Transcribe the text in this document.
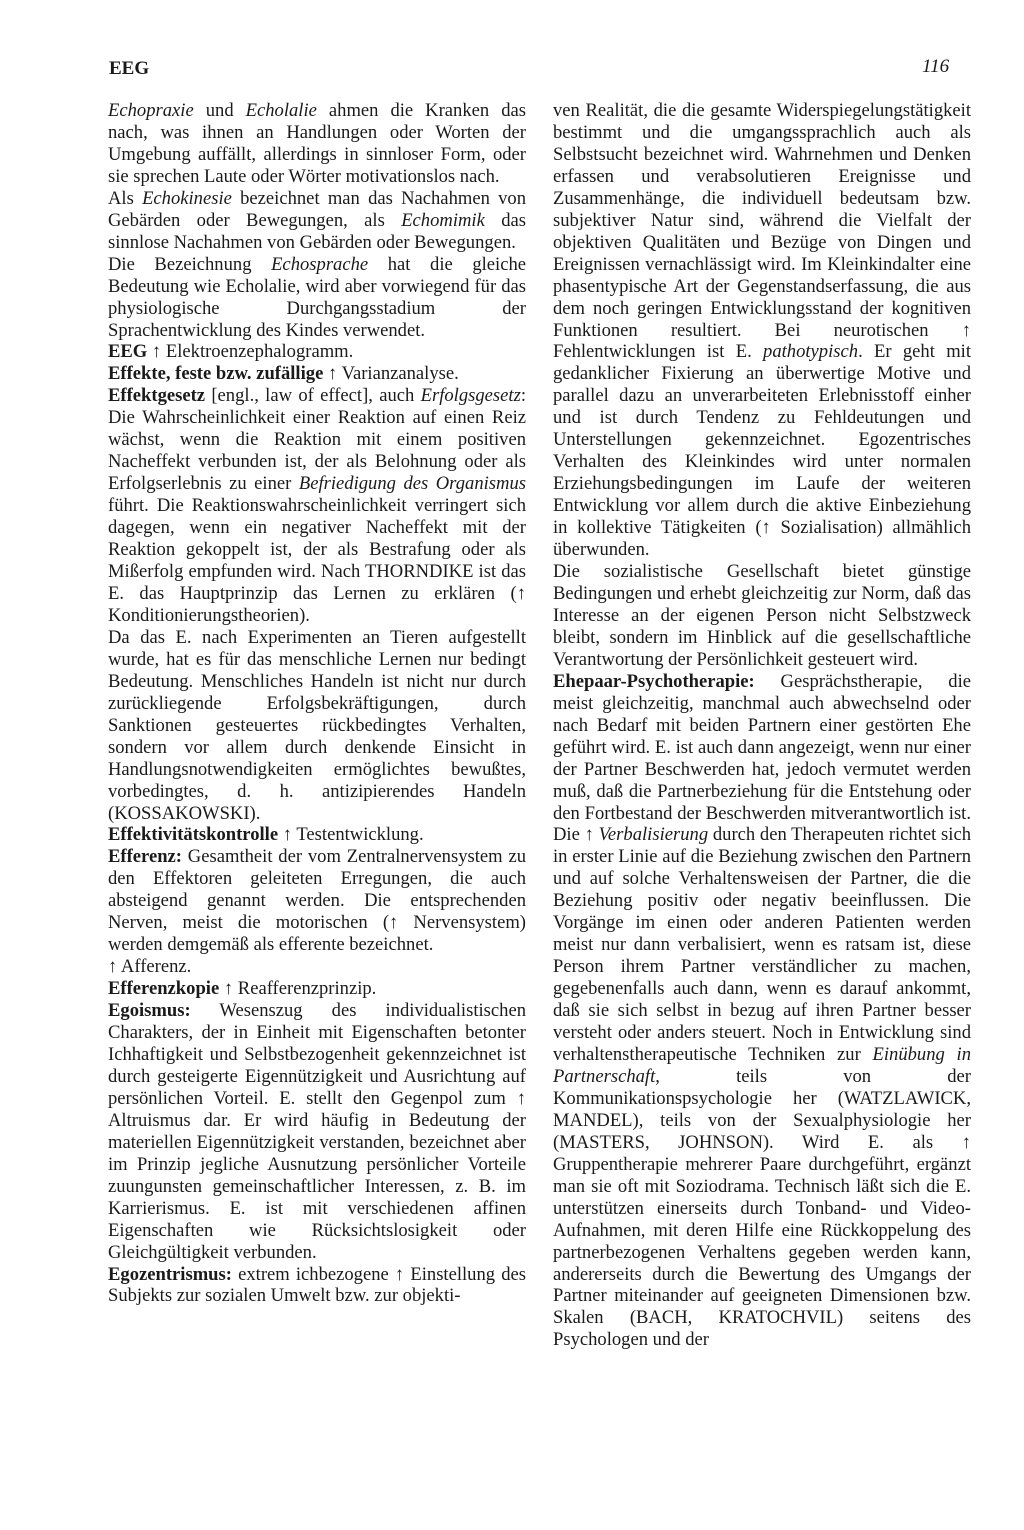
EEG	116

Echopraxie und Echolalie ahmen die Kranken das nach, was ihnen an Handlungen oder Worten der Umgebung auffällt, allerdings in sinnloser Form, oder sie sprechen Laute oder Wörter motivationslos nach.

Als Echokinesie bezeichnet man das Nachahmen von Gebärden oder Bewegungen, als Echomimik das sinnlose Nachahmen von Gebärden oder Bewegungen.

Die Bezeichnung Echosprache hat die gleiche Bedeutung wie Echolalie, wird aber vorwiegend für das physiologische Durchgangsstadium der Sprachentwicklung des Kindes verwendet.

EEG ↑ Elektroenzephalogramm.

Effekte, feste bzw. zufällige ↑ Varianzanalyse.

Effektgesetz [engl., law of effect], auch Erfolgsgesetz: Die Wahrscheinlichkeit einer Reaktion auf einen Reiz wächst, wenn die Reaktion mit einem positiven Nacheffekt verbunden ist, der als Belohnung oder als Erfolgserlebnis zu einer Befriedigung des Organismus führt. Die Reaktionswahrscheinlichkeit verringert sich dagegen, wenn ein negativer Nacheffekt mit der Reaktion gekoppelt ist, der als Bestrafung oder als Mißerfolg empfunden wird. Nach THORNDIKE ist das E. das Hauptprinzip das Lernen zu erklären (↑ Konditionierungstheorien).

Da das E. nach Experimenten an Tieren aufgestellt wurde, hat es für das menschliche Lernen nur bedingt Bedeutung. Menschliches Handeln ist nicht nur durch zurückliegende Erfolgsbekräftigungen, durch Sanktionen gesteuertes rückbedingtes Verhalten, sondern vor allem durch denkende Einsicht in Handlungsnotwendigkeiten ermöglichtes bewußtes, vorbedingtes, d. h. antizipierendes Handeln (KOSSAKOWSKI).

Effektivitätskontrolle ↑ Testentwicklung.

Efferenz: Gesamtheit der vom Zentralnervensystem zu den Effektoren geleiteten Erregungen, die auch absteigend genannt werden. Die entsprechenden Nerven, meist die motorischen (↑ Nervensystem) werden demgemäß als efferente bezeichnet.

↑ Afferenz.

Efferenzkopie ↑ Reafferenzprinzip.

Egoismus: Wesenszug des individualistischen Charakters, der in Einheit mit Eigenschaften betonter Ichhaftigkeit und Selbstbezogenheit gekennzeichnet ist durch gesteigerte Eigennützigkeit und Ausrichtung auf persönlichen Vorteil. E. stellt den Gegenpol zum ↑ Altruismus dar. Er wird häufig in Bedeutung der materiellen Eigennützigkeit verstanden, bezeichnet aber im Prinzip jegliche Ausnutzung persönlicher Vorteile zuungunsten gemeinschaftlicher Interessen, z. B. im Karrierismus. E. ist mit verschiedenen affinen Eigenschaften wie Rücksichtslosigkeit oder Gleichgültigkeit verbunden.

Egozentrismus: extrem ichbezogene ↑ Einstellung des Subjekts zur sozialen Umwelt bzw. zur objekti-

ven Realität, die die gesamte Widerspiegelungstätigkeit bestimmt und die umgangssprachlich auch als Selbstsucht bezeichnet wird. Wahrnehmen und Denken erfassen und verabsolutieren Ereignisse und Zusammenhänge, die individuell bedeutsam bzw. subjektiver Natur sind, während die Vielfalt der objektiven Qualitäten und Bezüge von Dingen und Ereignissen vernachlässigt wird. Im Kleinkindalter eine phasentypische Art der Gegenstandserfassung, die aus dem noch geringen Entwicklungsstand der kognitiven Funktionen resultiert. Bei neurotischen ↑ Fehlentwicklungen ist E. pathotypisch. Er geht mit gedanklicher Fixierung an überwertige Motive und parallel dazu an unverarbeiteten Erlebnisstoff einher und ist durch Tendenz zu Fehldeutungen und Unterstellungen gekennzeichnet. Egozentrisches Verhalten des Kleinkindes wird unter normalen Erziehungsbedingungen im Laufe der weiteren Entwicklung vor allem durch die aktive Einbeziehung in kollektive Tätigkeiten (↑ Sozialisation) allmählich überwunden.

Die sozialistische Gesellschaft bietet günstige Bedingungen und erhebt gleichzeitig zur Norm, daß das Interesse an der eigenen Person nicht Selbstzweck bleibt, sondern im Hinblick auf die gesellschaftliche Verantwortung der Persönlichkeit gesteuert wird.

Ehepaar-Psychotherapie: Gesprächstherapie, die meist gleichzeitig, manchmal auch abwechselnd oder nach Bedarf mit beiden Partnern einer gestörten Ehe geführt wird. E. ist auch dann angezeigt, wenn nur einer der Partner Beschwerden hat, jedoch vermutet werden muß, daß die Partnerbeziehung für die Entstehung oder den Fortbestand der Beschwerden mitverantwortlich ist. Die ↑ Verbalisierung durch den Therapeuten richtet sich in erster Linie auf die Beziehung zwischen den Partnern und auf solche Verhaltensweisen der Partner, die die Beziehung positiv oder negativ beeinflussen. Die Vorgänge im einen oder anderen Patienten werden meist nur dann verbalisiert, wenn es ratsam ist, diese Person ihrem Partner verständlicher zu machen, gegebenenfalls auch dann, wenn es darauf ankommt, daß sie sich selbst in bezug auf ihren Partner besser versteht oder anders steuert. Noch in Entwicklung sind verhaltenstherapeutische Techniken zur Einübung in Partnerschaft, teils von der Kommunikationspsychologie her (WATZLAWICK, MANDEL), teils von der Sexualphysiologie her (MASTERS, JOHNSON). Wird E. als ↑ Gruppentherapie mehrerer Paare durchgeführt, ergänzt man sie oft mit Soziodrama. Technisch läßt sich die E. unterstützen einerseits durch Tonband- und Video-Aufnahmen, mit deren Hilfe eine Rückkoppelung des partnerbezogenen Verhaltens gegeben werden kann, andererseits durch die Bewertung des Umgangs der Partner miteinander auf geeigneten Dimensionen bzw. Skalen (BACH, KRATOCHVIL) seitens des Psychologen und der
